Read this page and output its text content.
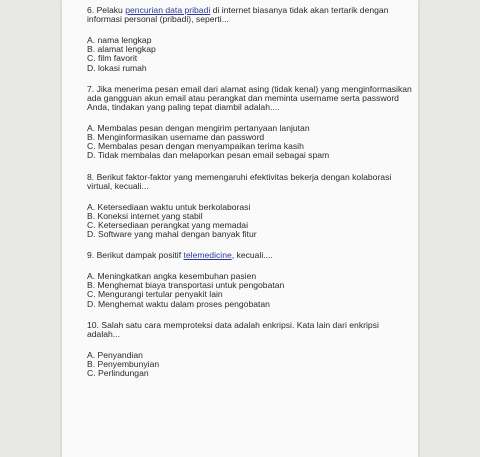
6. Pelaku pencurian data pribadi di internet biasanya tidak akan tertarik dengan informasi personal (pribadi), seperti...

A. nama lengkap
B. alamat lengkap
C. film favorit
D. lokasi rumah

7. Jika menerima pesan email dari alamat asing (tidak kenal) yang menginformasikan ada gangguan akun email atau perangkat dan meminta username serta password Anda, tindakan yang paling tepat diambil adalah....

A. Membalas pesan dengan mengirim pertanyaan lanjutan
B. Menginformasikan username dan password
C. Membalas pesan dengan menyampaikan terima kasih
D. Tidak membalas dan melaporkan pesan email sebagai spam

8. Berikut faktor-faktor yang memengaruhi efektivitas bekerja dengan kolaborasi virtual, kecuali...

A. Ketersediaan waktu untuk berkolaborasi
B. Koneksi internet yang stabil
C. Ketersediaan perangkat yang memadai
D. Software yang mahal dengan banyak fitur

9. Berikut dampak positif telemedicine, kecuali....

A. Meningkatkan angka kesembuhan pasien
B. Menghemat biaya transportasi untuk pengobatan
C. Mengurangi tertular penyakit lain
D. Menghemat waktu dalam proses pengobatan

10. Salah satu cara memproteksi data adalah enkripsi. Kata lain dari enkripsi adalah...

A. Penyandian
B. Penyembunyian
C. Perlindungan
